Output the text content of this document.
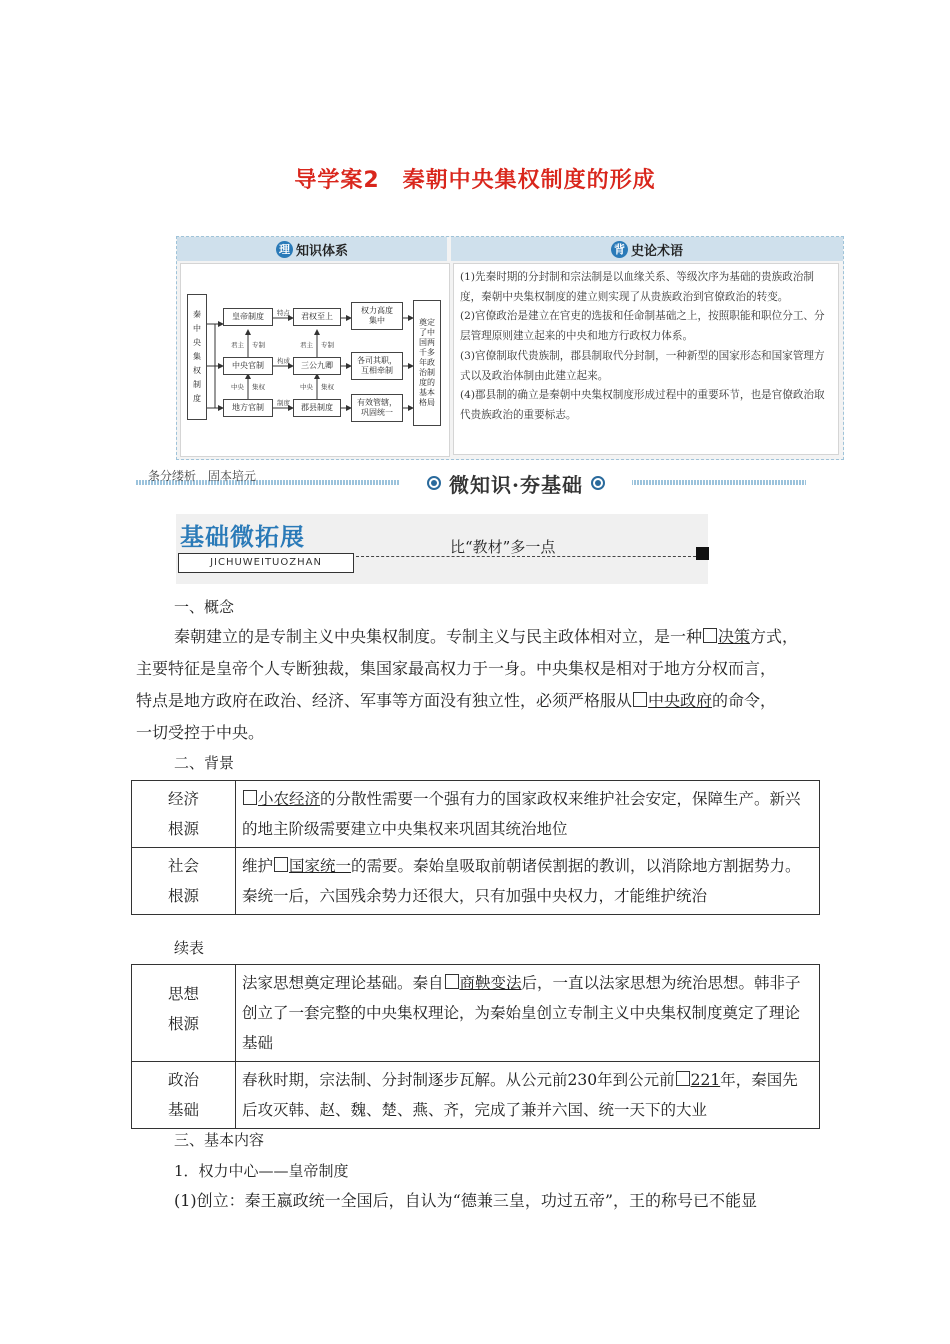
导学案2　秦朝中央集权制度的形成
理 知识体系	背 史论术语
秦中央集权制度
皇帝制度
中央官制
地方官制
君权至上
三公九卿
郡县制度
权力高度集中
各司其职，互相牵制
有效管辖，巩固统一
奠定了中国两千多年政治制度的基本格局
特点
构成
制度
君主 专制	君主 专制
中央 集权	中央 集权

(1)先秦时期的分封制和宗法制是以血缘关系、等级次序为基础的贵族政治制度，秦朝中央集权制度的建立则实现了从贵族政治到官僚政治的转变。

(2)官僚政治是建立在官吏的选拔和任命制基础之上，按照职能和职位分工、分层管理原则建立起来的中央和地方行政权力体系。

(3)官僚制取代贵族制，郡县制取代分封制，一种新型的国家形态和国家管理方式以及政治体制由此建立起来。

(4)郡县制的确立是秦朝中央集权制度形成过程中的重要环节，也是官僚政治取代贵族政治的重要标志。

条分缕析　固本培元	微知识·夯基础
基础微拓展
JICHUWEITUOZHAN
比“教材”多一点
一、概念
秦朝建立的是专制主义中央集权制度。专制主义与民主政体相对立，是一种 决策方式，
主要特征是皇帝个人专断独裁，集国家最高权力于一身。中央集权是相对于地方分权而言，
特点是地方政府在政治、经济、军事等方面没有独立性，必须严格服从 中央政府的命令，
一切受控于中央。
二、背景
经济
根源	小农经济的分散性需要一个强有力的国家政权来维护社会安定，保障生产。新兴的地主阶级需要建立中央集权来巩固其统治地位

社会
根源	维护 国家统一的需要。秦始皇吸取前朝诸侯割据的教训，以消除地方割据势力。秦统一后，六国残余势力还很大，只有加强中央权力，才能维护统治
续表
思想
根源	法家思想奠定理论基础。秦自 商鞅变法后，一直以法家思想为统治思想。韩非子创立了一套完整的中央集权理论，为秦始皇创立专制主义中央集权制度奠定了理论基础

政治
基础	春秋时期，宗法制、分封制逐步瓦解。从公元前230年到公元前 221年，秦国先后攻灭韩、赵、魏、楚、燕、齐，完成了兼并六国、统一天下的大业
三、基本内容
1．权力中心——皇帝制度
(1)创立：秦王嬴政统一全国后，自认为“德兼三皇，功过五帝”，王的称号已不能显
